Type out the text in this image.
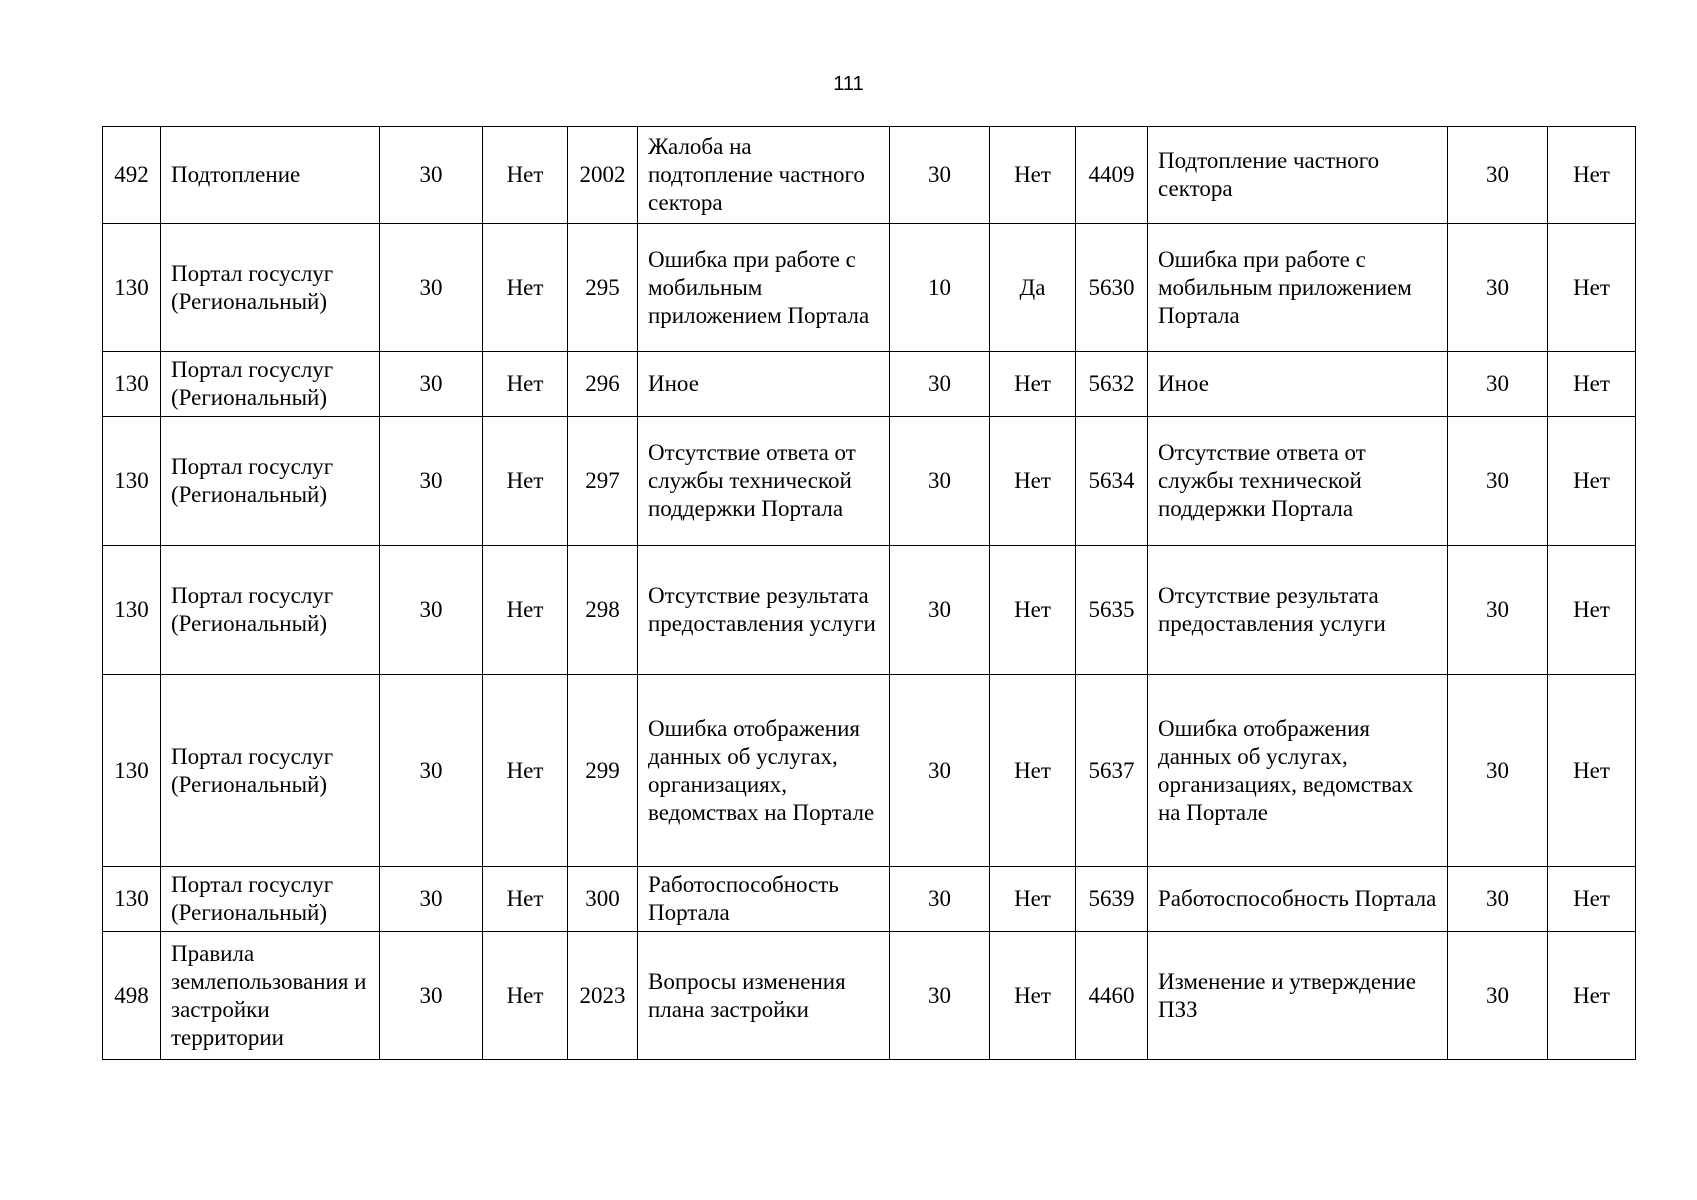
111
492	Подтопление	30	Нет	2002	Жалоба на подтопление частного сектора	30	Нет	4409	Подтопление частного сектора	30	Нет
130	Портал госуслуг (Региональный)	30	Нет	295	Ошибка при работе с мобильным приложением Портала	10	Да	5630	Ошибка при работе с мобильным приложением Портала	30	Нет
130	Портал госуслуг (Региональный)	30	Нет	296	Иное	30	Нет	5632	Иное	30	Нет
130	Портал госуслуг (Региональный)	30	Нет	297	Отсутствие ответа от службы технической поддержки Портала	30	Нет	5634	Отсутствие ответа от службы технической поддержки Портала	30	Нет
130	Портал госуслуг (Региональный)	30	Нет	298	Отсутствие результата предоставления услуги	30	Нет	5635	Отсутствие результата предоставления услуги	30	Нет
130	Портал госуслуг (Региональный)	30	Нет	299	Ошибка отображения данных об услугах, организациях, ведомствах на Портале	30	Нет	5637	Ошибка отображения данных об услугах, организациях, ведомствах на Портале	30	Нет
130	Портал госуслуг (Региональный)	30	Нет	300	Работоспособность Портала	30	Нет	5639	Работоспособность Портала	30	Нет
498	Правила землепользования и застройки территории	30	Нет	2023	Вопросы изменения плана застройки	30	Нет	4460	Изменение и утверждение ПЗЗ	30	Нет
